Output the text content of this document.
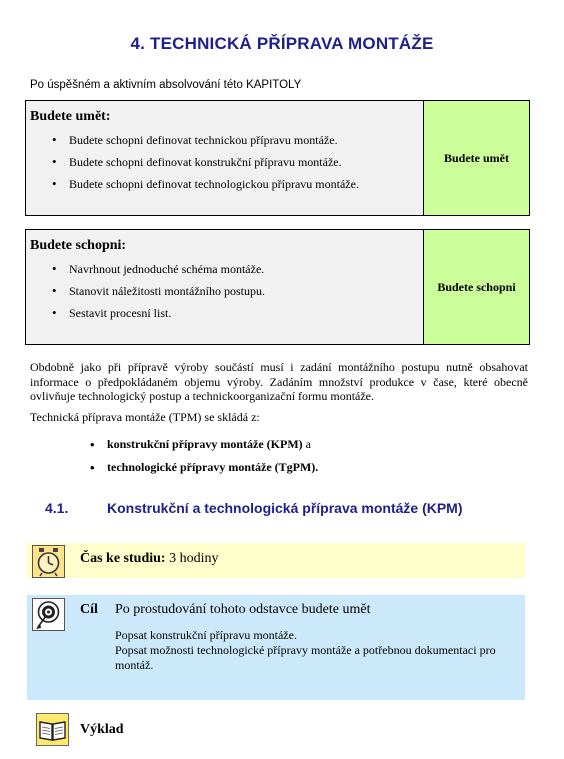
4. TECHNICKÁ PŘÍPRAVA MONTÁŽE
Po úspěšném a aktivním absolvování této KAPITOLY
Budete umět:
• Budete schopni definovat technickou přípravu montáže.
• Budete schopni definovat konstrukční přípravu montáže.
• Budete schopni definovat technologickou přípravu montáže.
Budete umět
Budete schopni:
• Navrhnout jednoduché schéma montáže.
• Stanovit náležitosti montážního postupu.
• Sestavit procesní list.
Budete schopni
Obdobně jako při přípravě výroby součástí musí i zadání montážního postupu nutně obsahovat informace o předpokládaném objemu výroby. Zadáním množství produkce v čase, které obecně ovlivňuje technologický postup a technickoorganizační formu montáže.
Technická příprava montáže (TPM) se skládá z:
• konstrukční přípravy montáže (KPM) a
• technologické přípravy montáže (TgPM).
4.1.	Konstrukční a technologická příprava montáže (KPM)
Čas ke studiu: 3 hodiny
Cíl Po prostudování tohoto odstavce budete umět
Popsat konstrukční přípravu montáže.
Popsat možnosti technologické přípravy montáže a potřebnou dokumentaci pro montáž.
Výklad
